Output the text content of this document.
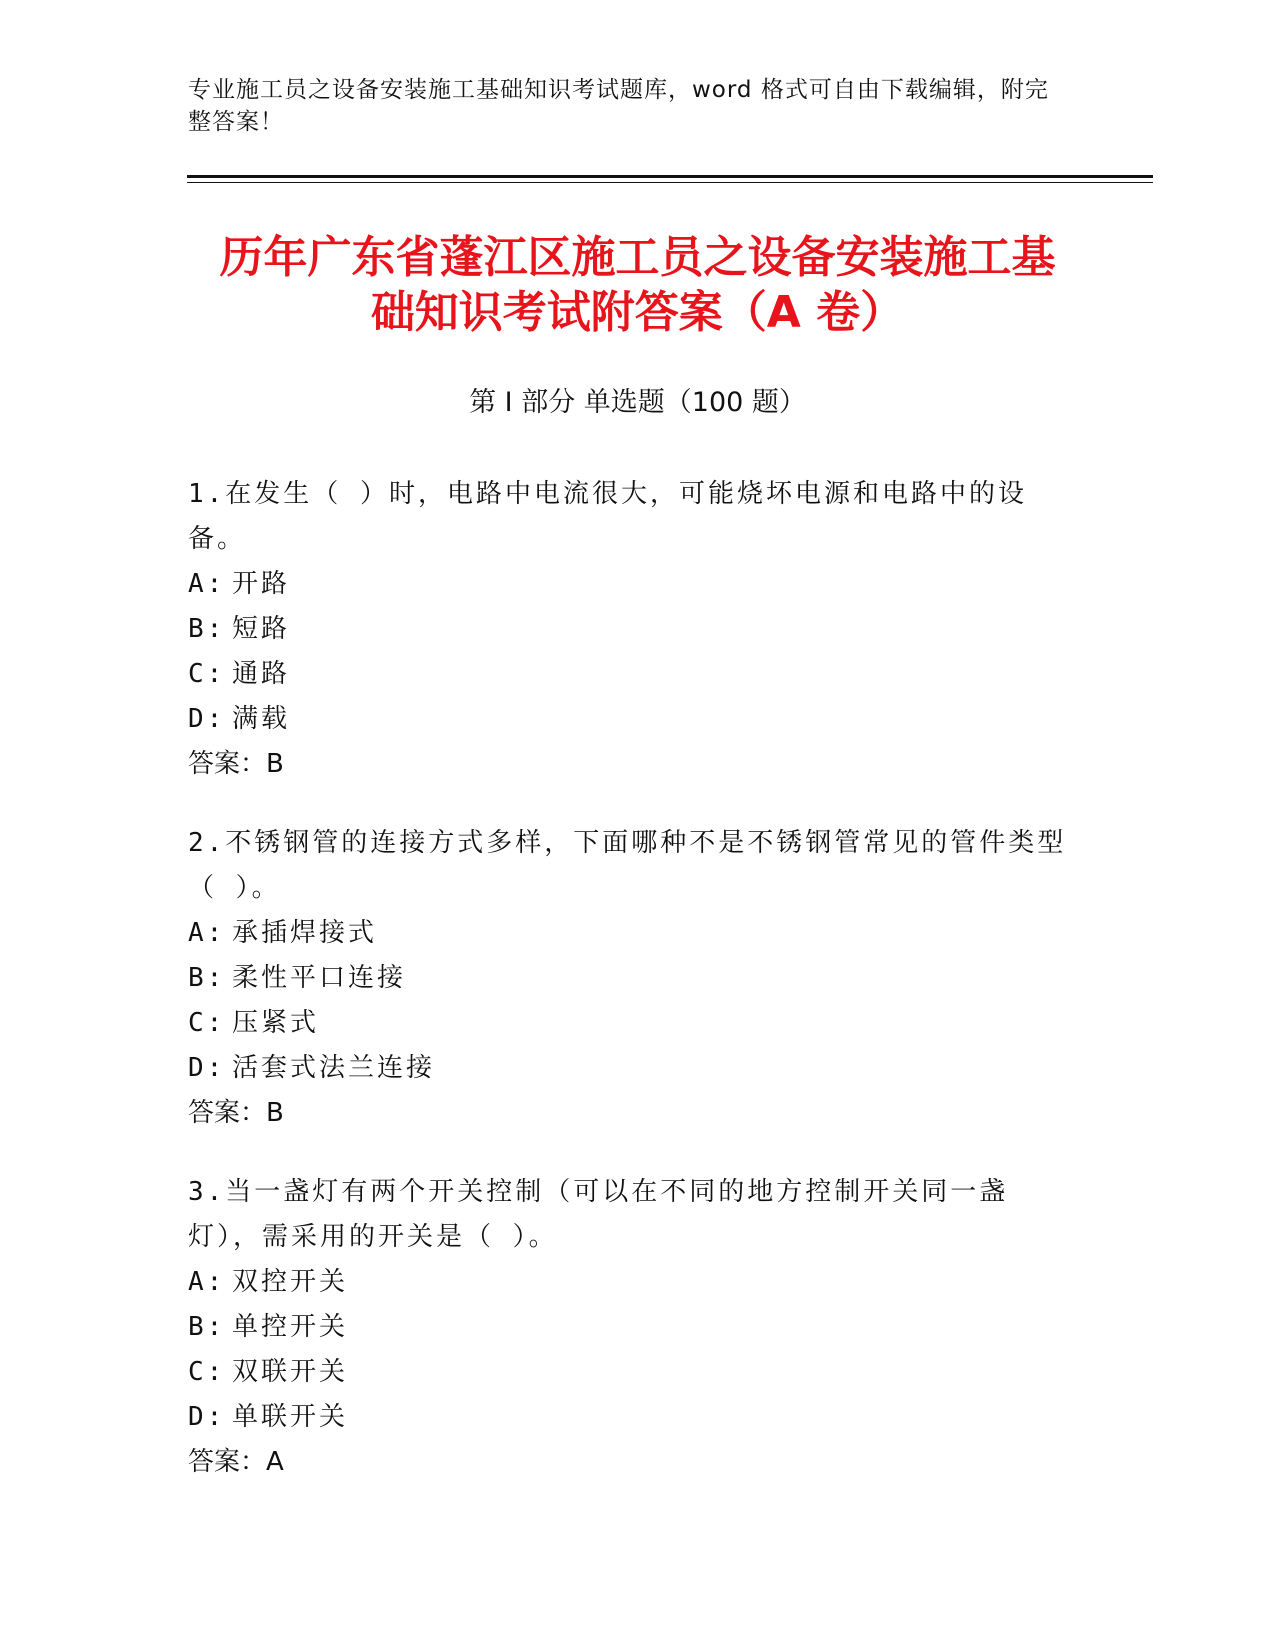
专业施工员之设备安装施工基础知识考试题库，word 格式可自由下载编辑，附完整答案！
历年广东省蓬江区施工员之设备安装施工基
础知识考试附答案（A 卷）
第 I 部分 单选题（100 题）

1.在发生（ ）时，电路中电流很大，可能烧坏电源和电路中的设备。

A: 开路
B: 短路
C: 通路
D: 满载
答案：B

2.不锈钢管的连接方式多样，下面哪种不是不锈钢管常见的管件类型（ ）。

A: 承插焊接式
B: 柔性平口连接
C: 压紧式
D: 活套式法兰连接
答案：B

3.当一盏灯有两个开关控制（可以在不同的地方控制开关同一盏灯），需采用的开关是（ ）。

A: 双控开关
B: 单控开关
C: 双联开关
D: 单联开关
答案：A
